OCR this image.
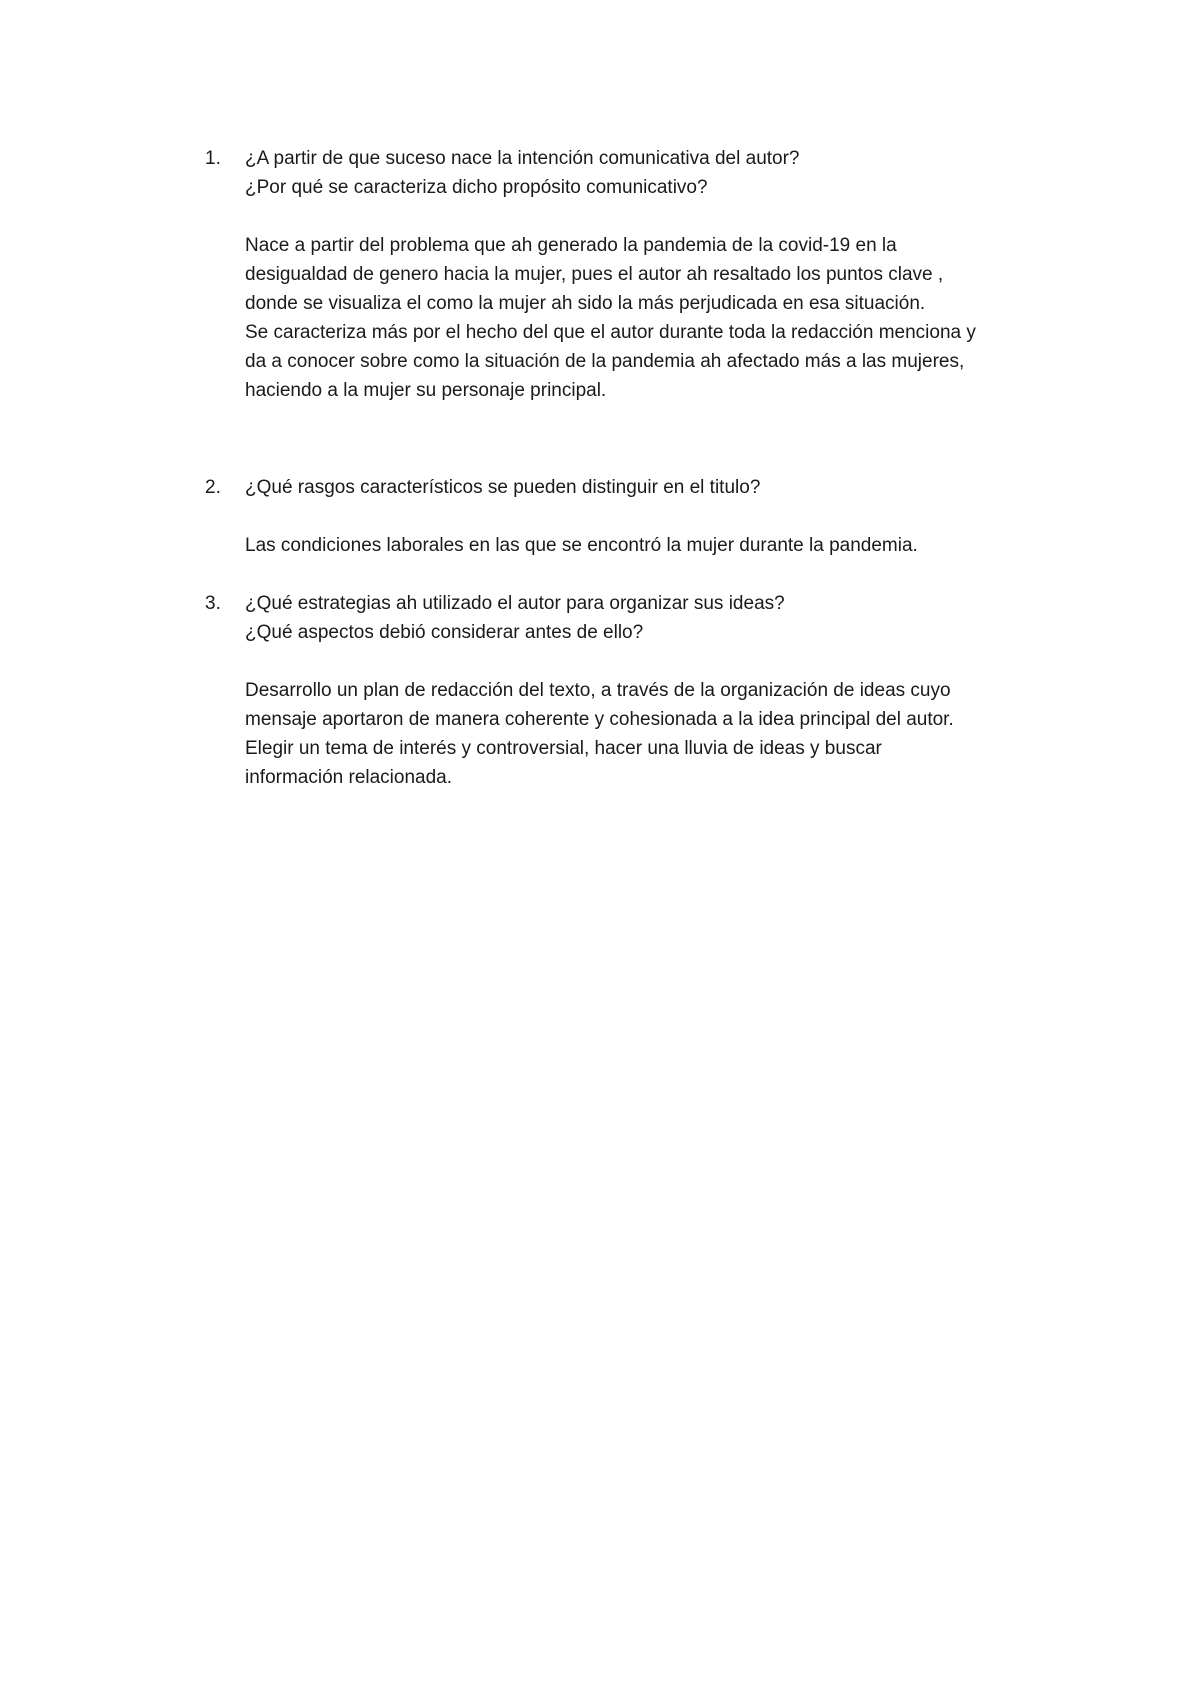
1.	¿A partir de que suceso nace la intención comunicativa del autor?
¿Por qué se caracteriza dicho propósito comunicativo?
Nace a partir del problema que ah generado la pandemia de la covid-19 en la
desigualdad de genero hacia la mujer, pues el autor ah resaltado los puntos clave ,
donde se visualiza el como la mujer ah sido la más perjudicada en esa situación.
Se caracteriza más por el hecho del que el autor durante toda la redacción menciona y
da a conocer sobre como la situación de la pandemia ah afectado más a las mujeres,
haciendo a la mujer su personaje principal.
2.	¿Qué rasgos característicos se pueden distinguir en el titulo?
Las condiciones laborales en las que se encontró la mujer durante la pandemia.
3.	¿Qué estrategias ah utilizado el autor para organizar sus ideas?
¿Qué aspectos debió considerar antes de ello?
Desarrollo un plan de redacción del texto, a través de la organización de ideas cuyo
mensaje aportaron de manera coherente y cohesionada a la idea principal del autor.
Elegir un tema de interés y controversial, hacer una lluvia de ideas y buscar
información relacionada.
